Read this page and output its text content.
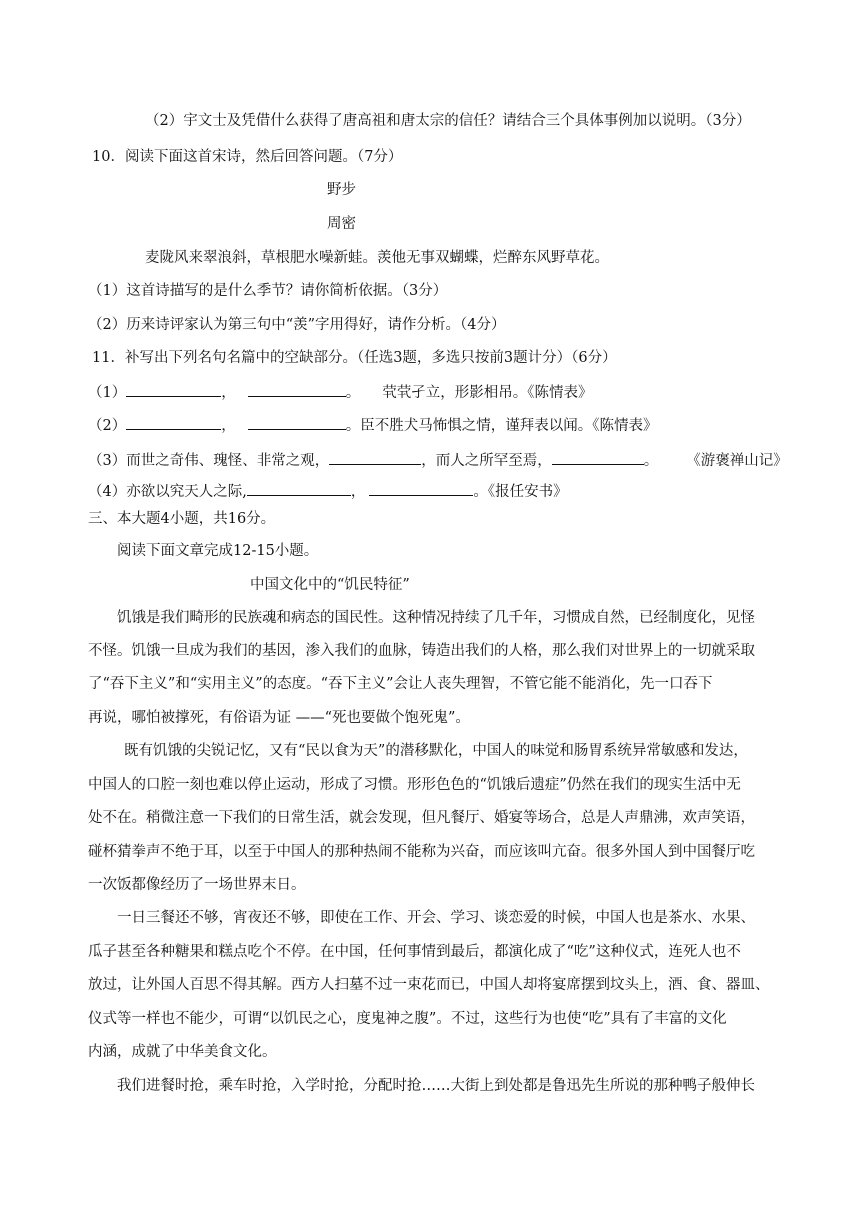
（2）宇文士及凭借什么获得了唐高祖和唐太宗的信任？请结合三个具体事例加以说明。（3分）
10．阅读下面这首宋诗，然后回答问题。（7分）
野步
周密
麦陇风来翠浪斜，草根肥水噪新蛙。羡他无事双蝴蝶，烂醉东风野草花。
（1）这首诗描写的是什么季节？请你简析依据。（3分）
（2）历来诗评家认为第三句中“羡”字用得好，请作分析。（4分）
11．补写出下列名句名篇中的空缺部分。（任选3题，多选只按前3题计分）（6分）
（1）	，	。 茕茕孑立，形影相吊。《陈情表》
（2）	，	。臣不胜犬马怖惧之情，谨拜表以闻。《陈情表》
（3）而世之奇伟、瑰怪、非常之观，	，而人之所罕至焉，	。 《游褒禅山记》
（4）亦欲以究天人之际,	，	。《报任安书》
三、本大题4小题，共16分。
阅读下面文章完成12-15小题。
中国文化中的“饥民特征”
饥饿是我们畸形的民族魂和病态的国民性。这种情况持续了几千年，习惯成自然，已经制度化，见怪
不怪。饥饿一旦成为我们的基因，渗入我们的血脉，铸造出我们的人格，那么我们对世界上的一切就采取
了“吞下主义”和“实用主义”的态度。“吞下主义”会让人丧失理智，不管它能不能消化，先一口吞下
再说，哪怕被撑死，有俗语为证 ——“死也要做个饱死鬼”。
既有饥饿的尖锐记忆，又有“民以食为天”的潜移默化，中国人的味觉和肠胃系统异常敏感和发达，
中国人的口腔一刻也难以停止运动，形成了习惯。形形色色的“饥饿后遗症”仍然在我们的现实生活中无
处不在。稍微注意一下我们的日常生活，就会发现，但凡餐厅、婚宴等场合，总是人声鼎沸，欢声笑语，
碰杯猜拳声不绝于耳，以至于中国人的那种热闹不能称为兴奋，而应该叫亢奋。很多外国人到中国餐厅吃
一次饭都像经历了一场世界末日。
一日三餐还不够，宵夜还不够，即使在工作、开会、学习、谈恋爱的时候，中国人也是茶水、水果、
瓜子甚至各种糖果和糕点吃个不停。在中国，任何事情到最后，都演化成了“吃”这种仪式，连死人也不
放过，让外国人百思不得其解。西方人扫墓不过一束花而已，中国人却将宴席摆到坟头上，酒、食、器皿、
仪式等一样也不能少，可谓“以饥民之心，度鬼神之腹”。不过，这些行为也使“吃”具有了丰富的文化
内涵，成就了中华美食文化。
我们进餐时抢，乘车时抢，入学时抢，分配时抢……大街上到处都是鲁迅先生所说的那种鸭子般伸长
